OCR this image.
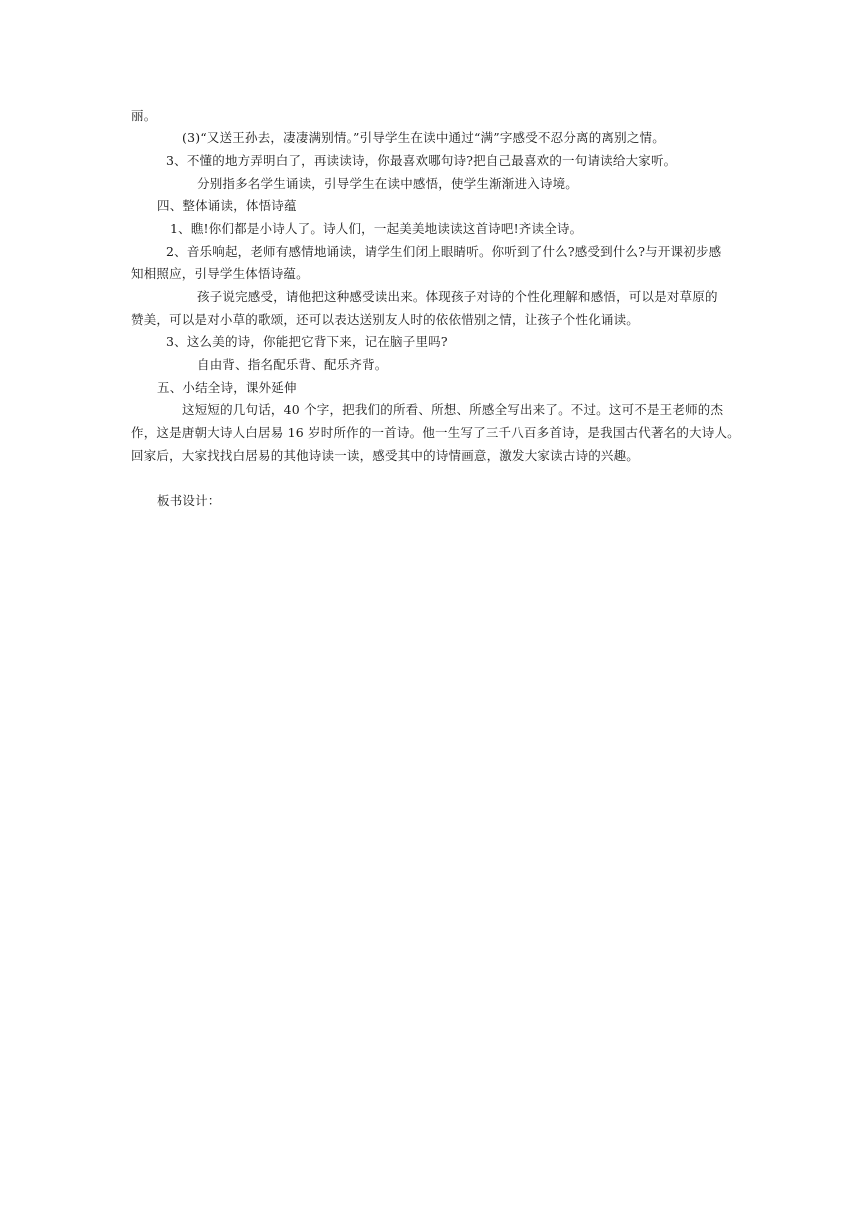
丽。
(3)“又送王孙去，凄凄满别情。”引导学生在读中通过“满”字感受不忍分离的离别之情。
3、不懂的地方弄明白了，再读读诗，你最喜欢哪句诗?把自己最喜欢的一句请读给大家听。
分别指多名学生诵读，引导学生在读中感悟，使学生渐渐进入诗境。
四、整体诵读，体悟诗蕴
1、瞧!你们都是小诗人了。诗人们，一起美美地读读这首诗吧!齐读全诗。
2、音乐响起，老师有感情地诵读，请学生们闭上眼睛听。你听到了什么?感受到什么?与开课初步感
知相照应，引导学生体悟诗蕴。
孩子说完感受，请他把这种感受读出来。体现孩子对诗的个性化理解和感悟，可以是对草原的
赞美，可以是对小草的歌颂，还可以表达送别友人时的依依惜别之情，让孩子个性化诵读。
3、这么美的诗，你能把它背下来，记在脑子里吗?
自由背、指名配乐背、配乐齐背。
五、小结全诗，课外延伸
这短短的几句话，40 个字，把我们的所看、所想、所感全写出来了。不过。这可不是王老师的杰
作，这是唐朝大诗人白居易 16 岁时所作的一首诗。他一生写了三千八百多首诗，是我国古代著名的大诗人。
回家后，大家找找白居易的其他诗读一读，感受其中的诗情画意，激发大家读古诗的兴趣。
板书设计：
